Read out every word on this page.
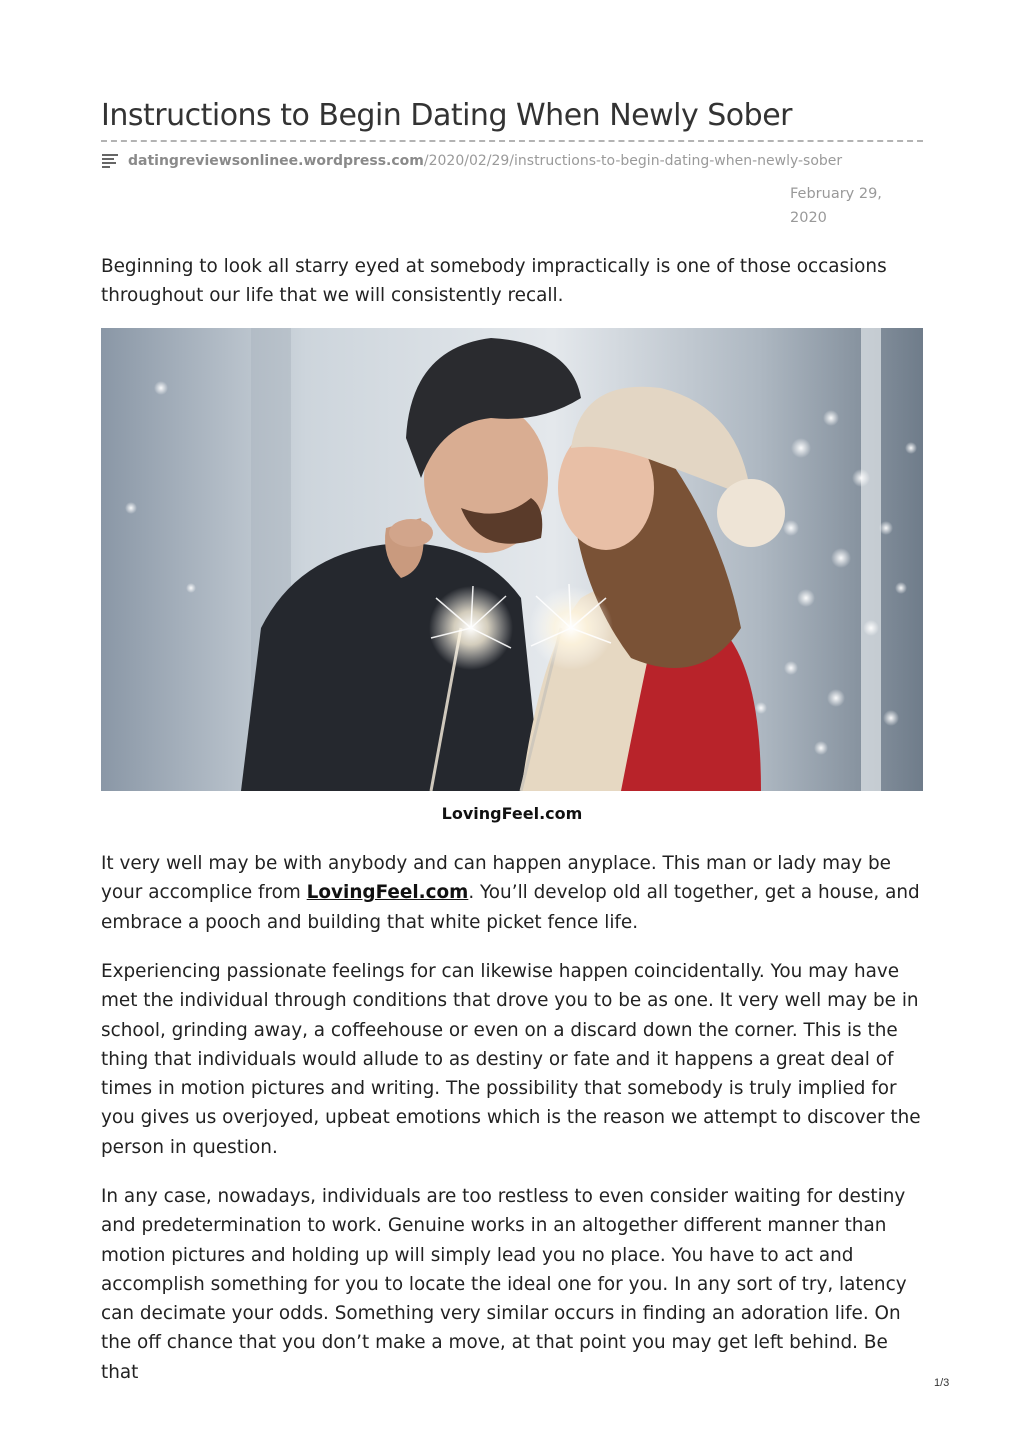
Instructions to Begin Dating When Newly Sober
datingreviewsonlinee.wordpress.com /2020/02/29/instructions-to-begin-dating-when-newly-sober
February 29, 2020

Beginning to look all starry eyed at somebody impractically is one of those occasions throughout our life that we will consistently recall.

LovingFeel.com

It very well may be with anybody and can happen anyplace. This man or lady may be your accomplice from LovingFeel.com. You’ll develop old all together, get a house, and embrace a pooch and building that white picket fence life.

Experiencing passionate feelings for can likewise happen coincidentally. You may have met the individual through conditions that drove you to be as one. It very well may be in school, grinding away, a coffeehouse or even on a discard down the corner. This is the thing that individuals would allude to as destiny or fate and it happens a great deal of times in motion pictures and writing. The possibility that somebody is truly implied for you gives us overjoyed, upbeat emotions which is the reason we attempt to discover the person in question.

In any case, nowadays, individuals are too restless to even consider waiting for destiny and predetermination to work. Genuine works in an altogether different manner than motion pictures and holding up will simply lead you no place. You have to act and accomplish something for you to locate the ideal one for you. In any sort of try, latency can decimate your odds. Something very similar occurs in finding an adoration life. On the off chance that you don’t make a move, at that point you may get left behind. Be that

1/3
